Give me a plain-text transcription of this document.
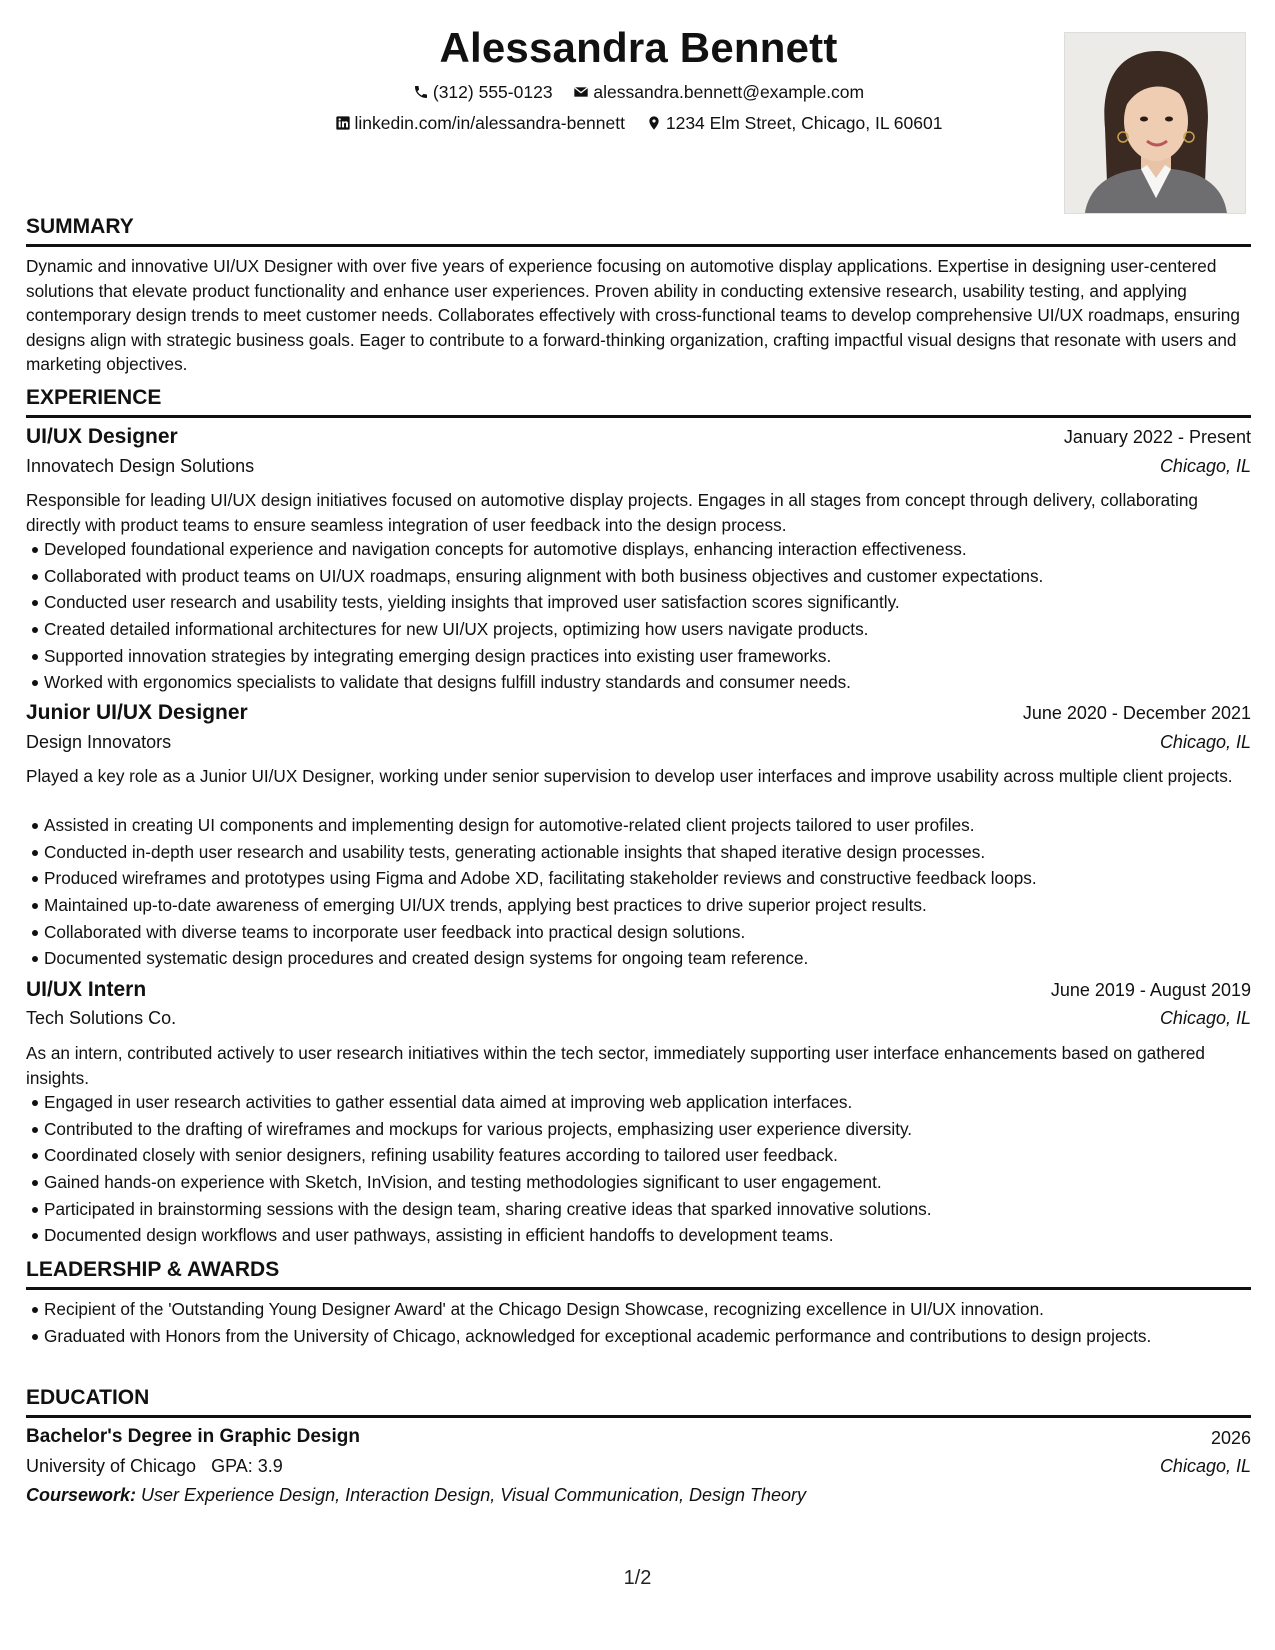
Alessandra Bennett
(312) 555-0123 alessandra.bennett@example.com
linkedin.com/in/alessandra-bennett 1234 Elm Street, Chicago, IL 60601
SUMMARY
Dynamic and innovative UI/UX Designer with over five years of experience focusing on automotive display applications. Expertise in designing user-centered solutions that elevate product functionality and enhance user experiences. Proven ability in conducting extensive research, usability testing, and applying contemporary design trends to meet customer needs. Collaborates effectively with cross-functional teams to develop comprehensive UI/UX roadmaps, ensuring designs align with strategic business goals. Eager to contribute to a forward-thinking organization, crafting impactful visual designs that resonate with users and marketing objectives.
EXPERIENCE
UI/UX Designer	January 2022 - Present
Innovatech Design Solutions	Chicago, IL
Responsible for leading UI/UX design initiatives focused on automotive display projects. Engages in all stages from concept through delivery, collaborating directly with product teams to ensure seamless integration of user feedback into the design process.
Developed foundational experience and navigation concepts for automotive displays, enhancing interaction effectiveness.
Collaborated with product teams on UI/UX roadmaps, ensuring alignment with both business objectives and customer expectations.
Conducted user research and usability tests, yielding insights that improved user satisfaction scores significantly.
Created detailed informational architectures for new UI/UX projects, optimizing how users navigate products.
Supported innovation strategies by integrating emerging design practices into existing user frameworks.
Worked with ergonomics specialists to validate that designs fulfill industry standards and consumer needs.
Junior UI/UX Designer	June 2020 - December 2021
Design Innovators	Chicago, IL
Played a key role as a Junior UI/UX Designer, working under senior supervision to develop user interfaces and improve usability across multiple client projects.
Assisted in creating UI components and implementing design for automotive-related client projects tailored to user profiles.
Conducted in-depth user research and usability tests, generating actionable insights that shaped iterative design processes.
Produced wireframes and prototypes using Figma and Adobe XD, facilitating stakeholder reviews and constructive feedback loops.
Maintained up-to-date awareness of emerging UI/UX trends, applying best practices to drive superior project results.
Collaborated with diverse teams to incorporate user feedback into practical design solutions.
Documented systematic design procedures and created design systems for ongoing team reference.
UI/UX Intern	June 2019 - August 2019
Tech Solutions Co.	Chicago, IL
As an intern, contributed actively to user research initiatives within the tech sector, immediately supporting user interface enhancements based on gathered insights.
Engaged in user research activities to gather essential data aimed at improving web application interfaces.
Contributed to the drafting of wireframes and mockups for various projects, emphasizing user experience diversity.
Coordinated closely with senior designers, refining usability features according to tailored user feedback.
Gained hands-on experience with Sketch, InVision, and testing methodologies significant to user engagement.
Participated in brainstorming sessions with the design team, sharing creative ideas that sparked innovative solutions.
Documented design workflows and user pathways, assisting in efficient handoffs to development teams.
LEADERSHIP & AWARDS
Recipient of the 'Outstanding Young Designer Award' at the Chicago Design Showcase, recognizing excellence in UI/UX innovation.
Graduated with Honors from the University of Chicago, acknowledged for exceptional academic performance and contributions to design projects.
EDUCATION
Bachelor's Degree in Graphic Design	2026
University of Chicago GPA: 3.9	Chicago, IL
Coursework: User Experience Design, Interaction Design, Visual Communication, Design Theory
1/2
